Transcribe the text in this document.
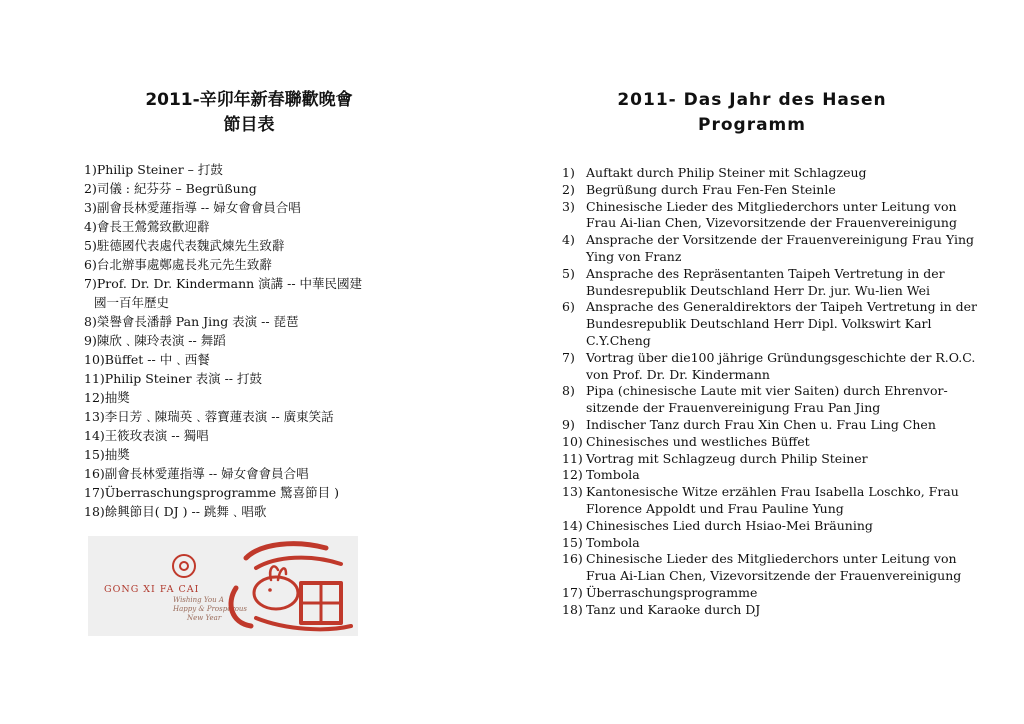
2011-辛卯年新春聯歡晚會
節目表
1)Philip Steiner – 打鼓
2)司儀 : 紀芬芬 – Begrüßung
3)副會長林愛蓮指導 -- 婦女會會員合唱
4)會長王鶯鶯致歡迎辭
5)駐德國代表處代表魏武煉先生致辭
6)台北辦事處鄭處長兆元先生致辭
7)Prof. Dr. Dr. Kindermann 演講 -- 中華民國建
國一百年歷史
8)榮譽會長潘靜 Pan Jing 表演 -- 琵琶
9)陳欣﹑陳玲表演 -- 舞蹈
10)Büffet -- 中﹑西餐
11)Philip Steiner 表演 -- 打鼓
12)抽奬
13)李日芳﹑陳瑞英﹑蓉寶蓮表演 -- 廣東笑話
14)王筱玫表演 -- 獨唱
15)抽奬
16)副會長林愛蓮指導 -- 婦女會會員合唱
17)Überraschungsprogramme 驚喜節目 )
18)餘興節目( DJ ) -- 跳舞﹑唱歌
GONG XI FA CAI
Wishing You A
Happy & Prosperous
New Year
2011- Das Jahr des Hasen
Programm
1) Auftakt durch Philip Steiner mit Schlagzeug
2) Begrüßung durch Frau Fen-Fen Steinle
3) Chinesische Lieder des Mitgliederchors unter Leitung von
Frau Ai-lian Chen, Vizevorsitzende der Frauenvereinigung
4) Ansprache der Vorsitzende der Frauenvereinigung Frau Ying
Ying von Franz
5) Ansprache des Repräsentanten Taipeh Vertretung in der
Bundesrepublik Deutschland Herr Dr. jur. Wu-lien Wei
6) Ansprache des Generaldirektors der Taipeh Vertretung in der
Bundesrepublik Deutschland Herr Dipl. Volkswirt Karl
C.Y.Cheng
7) Vortrag über die100 jährige Gründungsgeschichte der R.O.C.
von Prof. Dr. Dr. Kindermann
8) Pipa (chinesische Laute mit vier Saiten) durch Ehrenvor-
sitzende der Frauenvereinigung Frau Pan Jing
9) Indischer Tanz durch Frau Xin Chen u. Frau Ling Chen
10) Chinesisches und westliches Büffet
11) Vortrag mit Schlagzeug durch Philip Steiner
12) Tombola
13) Kantonesische Witze erzählen Frau Isabella Loschko, Frau
Florence Appoldt und Frau Pauline Yung
14) Chinesisches Lied durch Hsiao-Mei Bräuning
15) Tombola
16) Chinesische Lieder des Mitgliederchors unter Leitung von
Frua Ai-Lian Chen, Vizevorsitzende der Frauenvereinigung
17) Überraschungsprogramme
18) Tanz und Karaoke durch DJ
